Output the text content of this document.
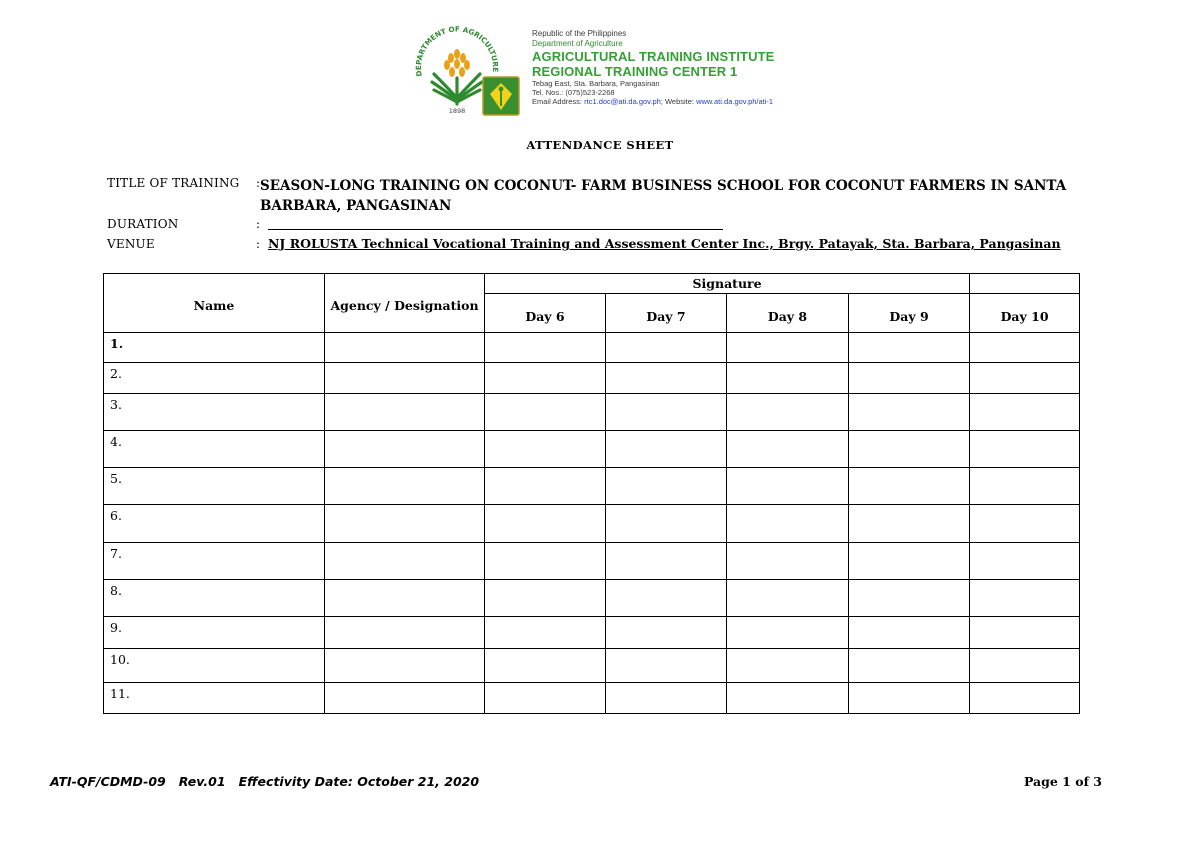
DEPARTMENT OF AGRICULTURE
1898
Republic of the Philippines
Department of Agriculture
AGRICULTURAL TRAINING INSTITUTE
REGIONAL TRAINING CENTER 1
Tebag East, Sta. Barbara, Pangasinan
Tel. Nos.: (075)523-2268
Email Address: rtc1.doc@ati.da.gov.ph; Website: www.ati.da.gov.ph/ati-1
ATTENDANCE SHEET
TITLE OF TRAINING : SEASON-LONG TRAINING ON COCONUT- FARM BUSINESS SCHOOL FOR COCONUT FARMERS IN SANTA BARBARA, PANGASINAN
DURATION	:
VENUE	: NJ ROLUSTA Technical Vocational Training and Assessment Center Inc., Brgy. Patayak, Sta. Barbara, Pangasinan
Name	Agency / Designation	Signature				
		Day 6	Day 7	Day 8	Day 9	Day 10
1.						
2.						
3.						
4.						
5.						
6.						
7.						
8.						
9.						
10.						
11.						
ATI-QF/CDMD-09   Rev.01   Effectivity Date: October 21, 2020	Page 1 of 3
